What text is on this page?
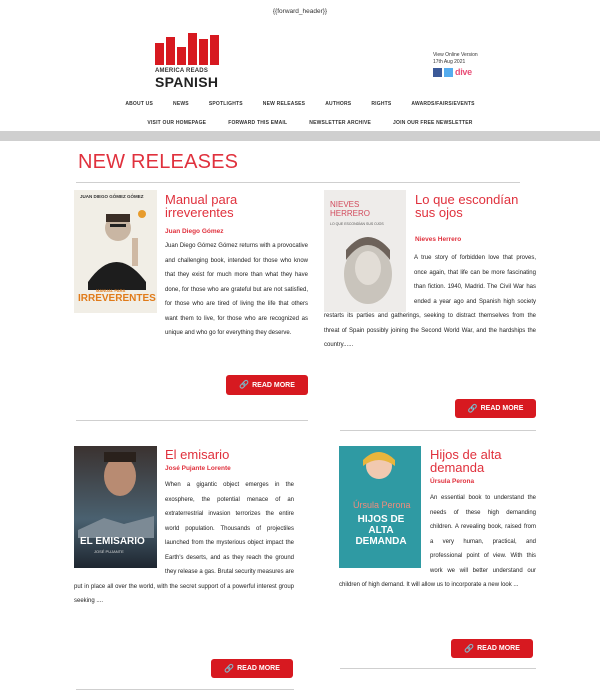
{{forward_header}}
AMERICA READS
SPANISH
View Online Version
17th Aug 2021
dive
ABOUT US	NEWS	SPOTLIGHTS	NEW RELEASES	AUTHORS	RIGHTS	AWARDS/FAIRS/EVENTS
VISIT OUR HOMEPAGE	FORWARD THIS EMAIL	NEWSLETTER ARCHIVE	JOIN OUR FREE NEWSLETTER
NEW RELEASES
JUAN DIEGO GÓMEZ GÓMEZ
MANUAL PARA
IRREVERENTES
Manual para irreverentes
Juan Diego Gómez
Juan Diego Gómez Gómez returns with a provocative and challenging book, intended for those who know that they exist for much more than what they have done, for those who are grateful but are not satisfied, for those who are tired of living the life that others want them to live, for those who are recognized as unique and who go for everything they deserve.
🔗 READ MORE
NIEVES HERRERO
LO QUE ESCONDÍAN SUS OJOS
Lo que escondían sus ojos
Nieves Herrero
A true story of forbidden love that proves, once again, that life can be more fascinating than fiction. 1940, Madrid. The Civil War has ended a year ago and Spanish high society restarts its parties and gatherings, seeking to distract themselves from the threat of Spain possibly joining the Second World War, and the hardships the country......
🔗 READ MORE
EL EMISARIO
JOSÉ PUJANTE
El emisario
José Pujante Lorente
When a gigantic object emerges in the exosphere, the potential menace of an extraterrestrial invasion terrorizes the entire world population. Thousands of projectiles launched from the mysterious object impact the Earth's deserts, and as they reach the ground they release a gas. Brutal security measures are put in place all over the world, with the secret support of a powerful interest group seeking ....
🔗 READ MORE
Úrsula Perona
HIJOS DE ALTA DEMANDA
Hijos de alta demanda
Úrsula Perona
An essential book to understand the needs of these high demanding children. A revealing book, raised from a very human, practical, and professional point of view. With this work we will better understand our children of high demand. It will allow us to incorporate a new look ...
🔗 READ MORE
